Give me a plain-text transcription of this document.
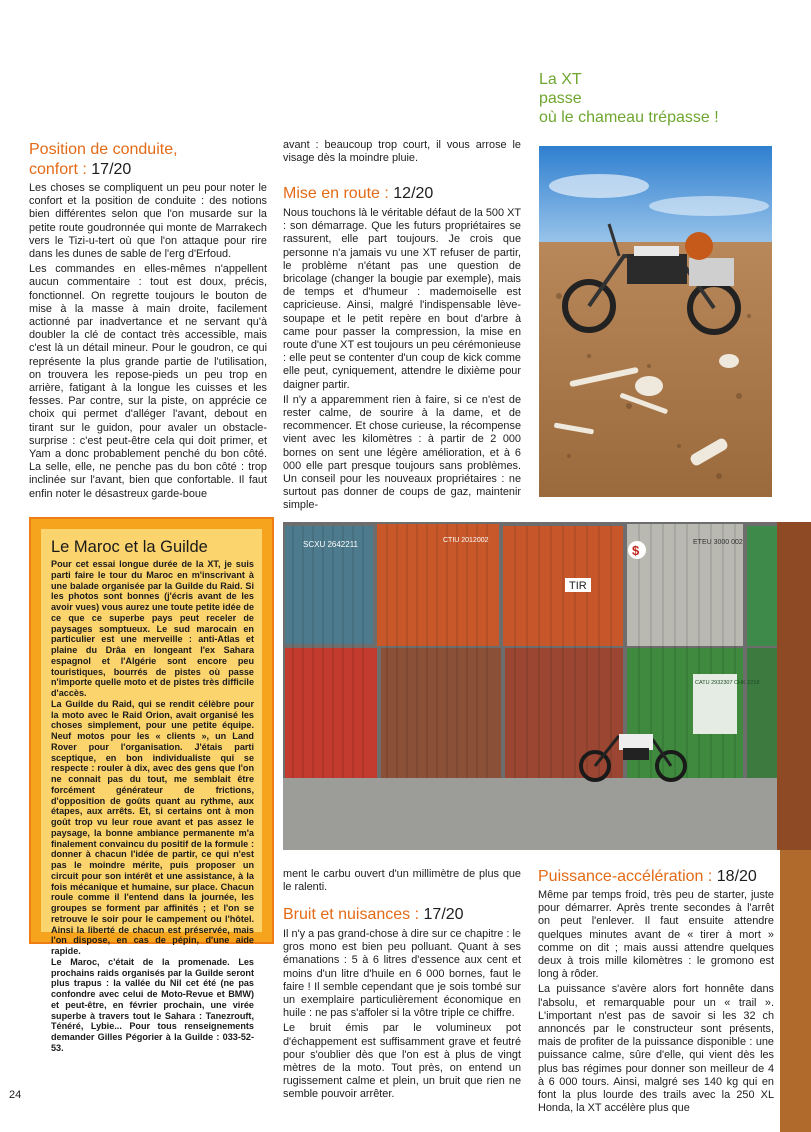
24
La XT
passe
où le chameau trépasse !
Position de conduite,
confort : 17/20

Les choses se compliquent un peu pour noter le confort et la position de conduite : des notions bien différentes selon que l'on musarde sur la petite route goudronnée qui monte de Marrakech vers le Tizi-u-tert où que l'on attaque pour rire dans les dunes de sable de l'erg d'Erfoud.

Les commandes en elles-mêmes n'appellent aucun commentaire : tout est doux, précis, fonctionnel. On regrette toujours le bouton de mise à la masse à main droite, facilement actionné par inadvertance et ne servant qu'à doubler la clé de contact très accessible, mais c'est là un détail mineur. Pour le goudron, ce qui représente la plus grande partie de l'utilisation, on trouvera les repose-pieds un peu trop en arrière, fatigant à la longue les cuisses et les fesses. Par contre, sur la piste, on apprécie ce choix qui permet d'alléger l'avant, debout en tirant sur le guidon, pour avaler un obstacle-surprise : c'est peut-être cela qui doit primer, et Yam a donc probablement penché du bon côté. La selle, elle, ne penche pas du bon côté : trop inclinée sur l'avant, bien que confortable. Il faut enfin noter le désastreux garde-boue

avant : beaucoup trop court, il vous arrose le visage dès la moindre pluie.
Mise en route : 12/20

Nous touchons là le véritable défaut de la 500 XT : son démarrage. Que les futurs propriétaires se rassurent, elle part toujours. Je crois que personne n'a jamais vu une XT refuser de partir, le problème n'étant pas une question de bricolage (changer la bougie par exemple), mais de temps et d'humeur : mademoiselle est capricieuse. Ainsi, malgré l'indispensable lève-soupape et le petit repère en bout d'arbre à came pour passer la compression, la mise en route d'une XT est toujours un peu cérémonieuse : elle peut se contenter d'un coup de kick comme elle peut, cyniquement, attendre le dixième pour daigner partir.

Il n'y a apparemment rien à faire, si ce n'est de rester calme, de sourire à la dame, et de recommencer. Et chose curieuse, la récompense vient avec les kilomètres : à partir de 2 000 bornes on sent une légère amélioration, et à 6 000 elle part presque toujours sans problèmes. Un conseil pour les nouveaux propriétaires : ne surtout pas donner de coups de gaz, maintenir simple-

Le Maroc et la Guilde

Pour cet essai longue durée de la XT, je suis parti faire le tour du Maroc en m'inscrivant à une balade organisée par la Guilde du Raid. Si les photos sont bonnes (j'écris avant de les avoir vues) vous aurez une toute petite idée de ce que ce superbe pays peut receler de paysages somptueux. Le sud marocain en particulier est une merveille : anti-Atlas et plaine du Drâa en longeant l'ex Sahara espagnol et l'Algérie sont encore peu touristiques, bourrés de pistes où passe n'importe quelle moto et de pistes très difficile d'accès.

La Guilde du Raid, qui se rendit célèbre pour la moto avec le Raid Orion, avait organisé les choses simplement, pour une petite équipe. Neuf motos pour les « clients », un Land Rover pour l'organisation. J'étais parti sceptique, en bon individualiste qui se respecte : rouler à dix, avec des gens que l'on ne connait pas du tout, me semblait être forcément générateur de frictions, d'opposition de goûts quant au rythme, aux étapes, aux arrêts. Et, si certains ont à mon goût trop vu leur roue avant et pas assez le paysage, la bonne ambiance permanente m'a finalement convaincu du positif de la formule : donner à chacun l'idée de partir, ce qui n'est pas le moindre mérite, puis proposer un circuit pour son intérêt et une assistance, à la fois mécanique et humaine, sur place. Chacun roule comme il l'entend dans la journée, les groupes se forment par affinités ; et l'on se retrouve le soir pour le campement ou l'hôtel. Ainsi la liberté de chacun est préservée, mais l'on dispose, en cas de pépin, d'une aide rapide.

Le Maroc, c'était de la promenade. Les prochains raids organisés par la Guilde seront plus trapus : la vallée du Nil cet été (ne pas confondre avec celui de Moto-Revue et BMW) et peut-être, en février prochain, une virée superbe à travers tout le Sahara : Tanezrouft, Ténéré, Lybie... Pour tous renseignements demander Gilles Pégorier à la Guilde : 033-52-53.

SCXU 2642211	CTIU 2012002
TIR
$
ETEU 3000 002
CATU 2932307 CHK 2218
ment le carbu ouvert d'un millimètre de plus que le ralenti.
Bruit et nuisances : 17/20

Il n'y a pas grand-chose à dire sur ce chapitre : le gros mono est bien peu polluant. Quant à ses émanations : 5 à 6 litres d'essence aux cent et moins d'un litre d'huile en 6 000 bornes, faut le faire ! Il semble cependant que je sois tombé sur un exemplaire particulièrement économique en huile : ne pas s'affoler si la vôtre triple ce chiffre.

Le bruit émis par le volumineux pot d'échappement est suffisamment grave et feutré pour s'oublier dès que l'on est à plus de vingt mètres de la moto. Tout près, on entend un rugissement calme et plein, un bruit que rien ne semble pouvoir arrêter.

Puissance-accélération : 18/20

Même par temps froid, très peu de starter, juste pour démarrer. Après trente secondes à l'arrêt on peut l'enlever. Il faut ensuite attendre quelques minutes avant de « tirer à mort » comme on dit ; mais aussi attendre quelques deux à trois mille kilomètres : le gromono est long à rôder.

La puissance s'avère alors fort honnête dans l'absolu, et remarquable pour un « trail ». L'important n'est pas de savoir si les 32 ch annoncés par le constructeur sont présents, mais de profiter de la puissance disponible : une puissance calme, sûre d'elle, qui vient dès les plus bas régimes pour donner son meilleur de 4 à 6 000 tours. Ainsi, malgré ses 140 kg qui en font la plus lourde des trails avec la 250 XL Honda, la XT accélère plus que
